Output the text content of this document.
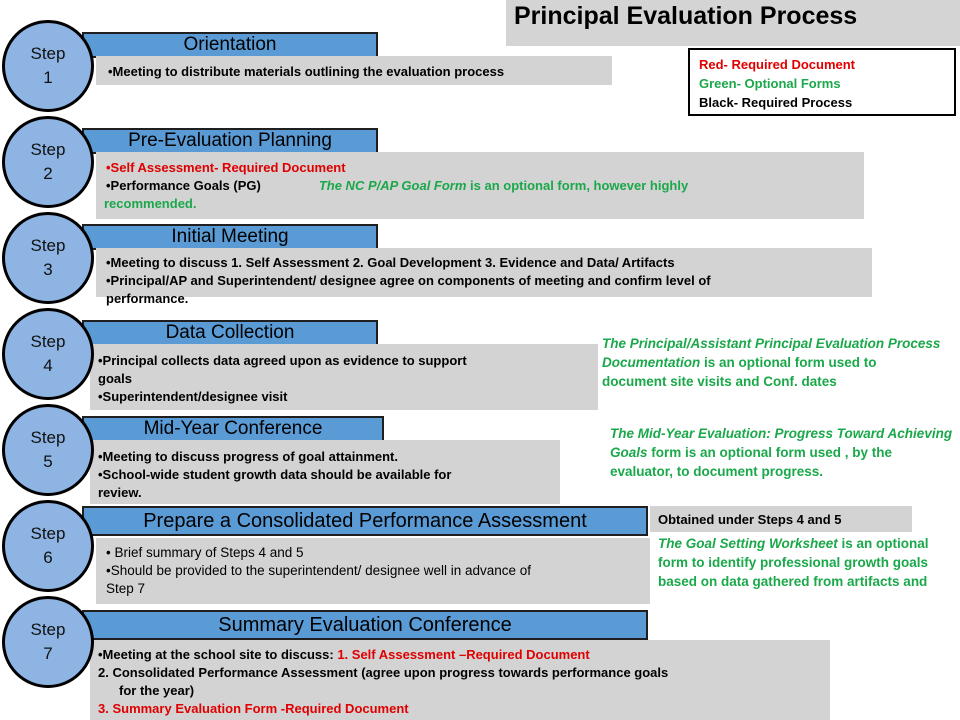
Principal Evaluation Process
Red- Required Document
Green- Optional Forms
Black- Required Process
Orientation
•Meeting to distribute materials outlining the evaluation process
Step
1
Pre-Evaluation Planning
•Self Assessment- Required Document
•Performance Goals (PG)	The NC P/AP Goal Form is an optional form, however highly
recommended.
Step
2
Initial Meeting
•Meeting to discuss 1. Self Assessment 2. Goal Development 3. Evidence and Data/ Artifacts
•Principal/AP and Superintendent/ designee agree on components of meeting and confirm level of
performance.
Step
3
Data Collection
•Principal collects data agreed upon as evidence to support
goals
•Superintendent/designee visit
Step
4
The Principal/Assistant Principal Evaluation Process Documentation is an optional form used to
document site visits and Conf. dates
Mid-Year Conference
•Meeting to discuss progress of goal attainment.
•School-wide student growth data should be available for
review.
Step
5
The Mid-Year Evaluation: Progress Toward Achieving Goals form is an optional form used , by the evaluator, to document progress.
Prepare a Consolidated Performance Assessment	Obtained under Steps 4 and 5
• Brief summary of Steps 4 and 5
•Should be provided to the superintendent/ designee well in advance of
Step 7
Step
6
The Goal Setting Worksheet is an optional form to identify professional growth goals based on data gathered from artifacts and
Summary Evaluation Conference
•Meeting at the school site to discuss: 1. Self Assessment –Required Document
2. Consolidated Performance Assessment (agree upon progress towards performance goals
for the year)
3. Summary Evaluation Form -Required Document
Step
7
